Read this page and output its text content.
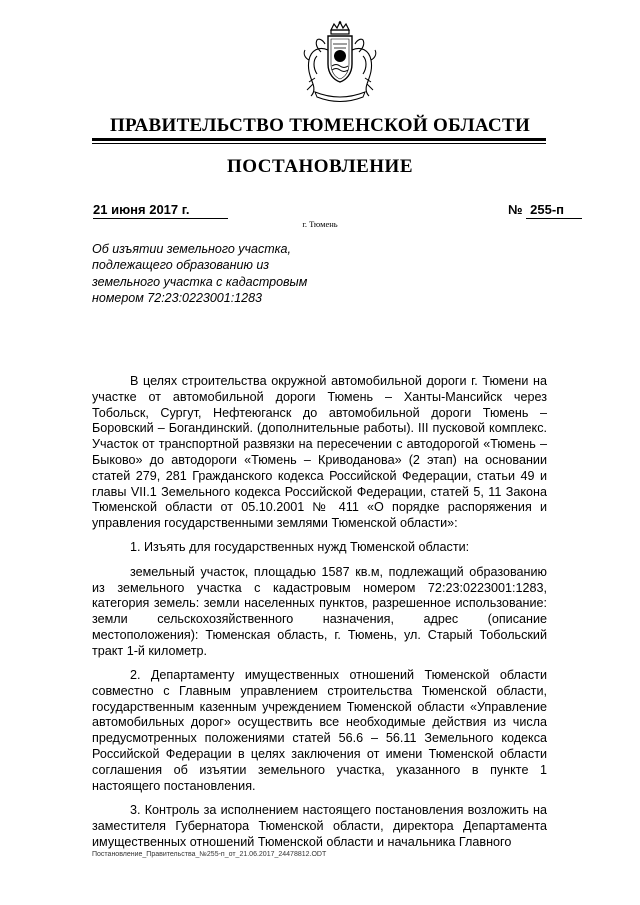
ПРАВИТЕЛЬСТВО ТЮМЕНСКОЙ ОБЛАСТИ
ПОСТАНОВЛЕНИЕ
21 июня 2017 г.	№ 255-п
г. Тюмень
Об изъятии земельного участка, подлежащего образованию из земельного участка с кадастровым номером 72:23:0223001:1283

В целях строительства окружной автомобильной дороги г. Тюмени на участке от автомобильной дороги Тюмень – Ханты-Мансийск через Тобольск, Сургут, Нефтеюганск до автомобильной дороги Тюмень – Боровский – Богандинский. (дополнительные работы). III пусковой комплекс. Участок от транспортной развязки на пересечении с автодорогой «Тюмень – Быково» до автодороги «Тюмень – Криводанова» (2 этап) на основании статей 279, 281 Гражданского кодекса Российской Федерации, статьи 49 и главы VII.1 Земельного кодекса Российской Федерации, статей 5, 11 Закона Тюменской области от 05.10.2001 № 411 «О порядке распоряжения и управления государственными землями Тюменской области»:

1. Изъять для государственных нужд Тюменской области:

земельный участок, площадью 1587 кв.м, подлежащий образованию из земельного участка с кадастровым номером 72:23:0223001:1283, категория земель: земли населенных пунктов, разрешенное использование: земли сельскохозяйственного назначения, адрес (описание местоположения): Тюменская область, г. Тюмень, ул. Старый Тобольский тракт 1-й километр.

2. Департаменту имущественных отношений Тюменской области совместно с Главным управлением строительства Тюменской области, государственным казенным учреждением Тюменской области «Управление автомобильных дорог» осуществить все необходимые действия из числа предусмотренных положениями статей 56.6 – 56.11 Земельного кодекса Российской Федерации в целях заключения от имени Тюменской области соглашения об изъятии земельного участка, указанного в пункте 1 настоящего постановления.

3. Контроль за исполнением настоящего постановления возложить на заместителя Губернатора Тюменской области, директора Департамента имущественных отношений Тюменской области и начальника Главного

Постановление_Правительства_№255-п_от_21.06.2017_24478812.ODT
